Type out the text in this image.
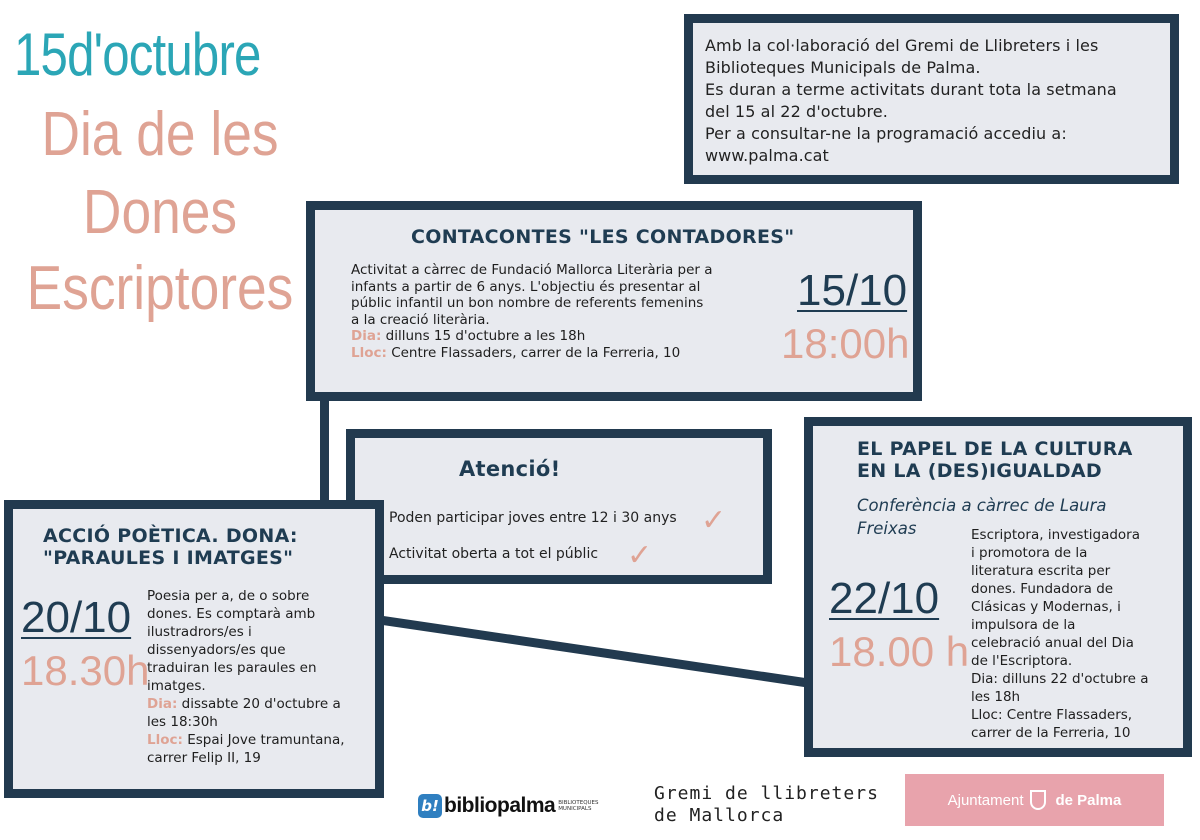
15d'octubre
Dia de les
Dones
Escriptores

Amb la col·laboració del Gremi de Llibreters i les

Biblioteques Municipals de Palma.

Es duran a terme activitats durant tota la setmana

del 15 al 22 d'octubre.

Per a consultar-ne la programació accediu a:

www.palma.cat

CONTACONTES "LES CONTADORES"
Activitat a càrrec de Fundació Mallorca Literària per a
infants a partir de 6 anys. L'objectiu és presentar al
públic infantil un bon nombre de referents femenins
a la creació literària.
Dia: dilluns 15 d'octubre a les 18h
Lloc: Centre Flassaders, carrer de la Ferreria, 10
15/10
18:00h
Atenció!
Poden participar joves entre 12 i 30 anys ✓
Activitat oberta a tot el públic ✓
ACCIÓ POÈTICA. DONA:
"PARAULES I IMATGES"
20/10
18.30h
Poesia per a, de o sobre
dones. Es comptarà amb
ilustradrors/es i
dissenyadors/es que
traduiran les paraules en
imatges.
Dia: dissabte 20 d'octubre a
les 18:30h
Lloc: Espai Jove tramuntana,
carrer Felip II, 19
EL PAPEL DE LA CULTURA
EN LA (DES)IGUALDAD
Conferència a càrrec de Laura
Freixas
22/10
18.00 h
Escriptora, investigadora
i promotora de la
literatura escrita per
dones. Fundadora de
Clásicas y Modernas, i
impulsora de la
celebració anual del Dia
de l'Escriptora.
Dia: dilluns 22 d'octubre a
les 18h
Lloc: Centre Flassaders,
carrer de la Ferreria, 10
b! bibliopalma BIBLIOTEQUES
MUNICIPALS
Gremi de llibreters
de Mallorca
Ajuntament de Palma
